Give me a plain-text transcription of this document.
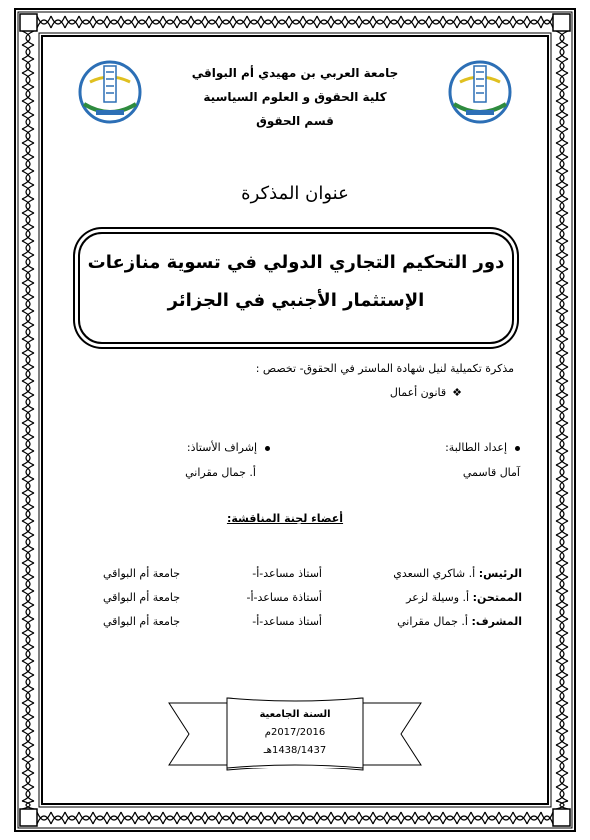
جامعة العربي بن مهيدي أم البواقي
كلية الحقوق و العلوم السياسية
قسم الحقوق
عنوان المذكرة
دور التحكيم التجاري الدولي في تسوية منازعات
الإستثمار الأجنبي في الجزائر
مذكرة تكميلية لنيل شهادة الماستر في الحقوق- تخصص :
❖قانون أعمال
إعداد الطالبة:
آمال قاسمي
إشراف الأستاذ:
أ. جمال مقراني
أعضاء لجنة المناقشة:
الرئيس: أ. شاكري السعدي
أستاذ مساعد-أ-
جامعة أم البواقي
الممتحن: أ. وسيلة لزعر
أستاذة مساعد-أ-
جامعة أم البواقي
المشرف: أ. جمال مقراني
أستاذ مساعد-أ-
جامعة أم البواقي
السنة الجامعية
2017/2016م
1438/1437هـ
